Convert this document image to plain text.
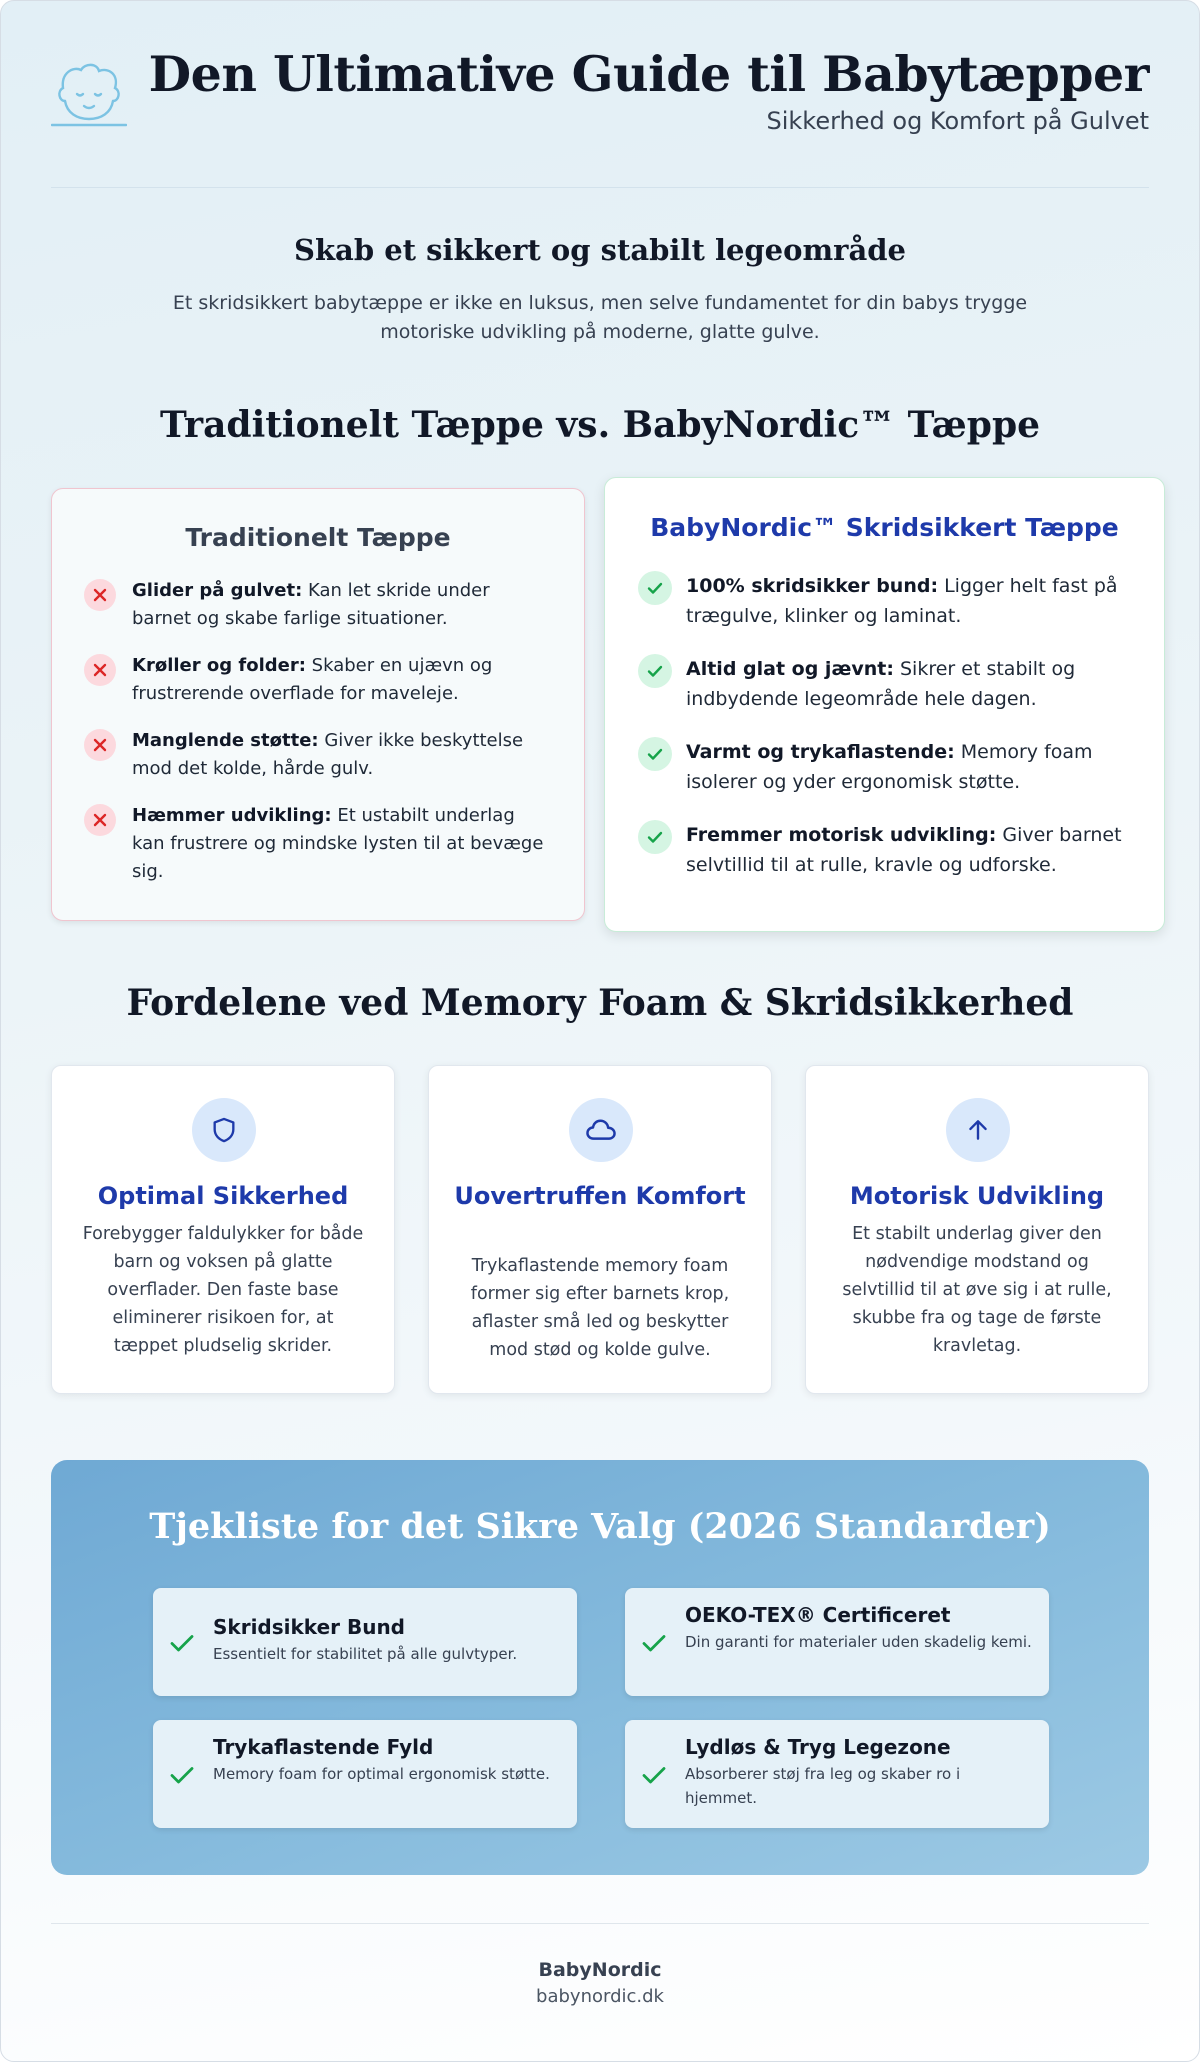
Den Ultimative Guide til Babytæpper
Sikkerhed og Komfort på Gulvet
Skab et sikkert og stabilt legeområde

Et skridsikkert babytæppe er ikke en luksus, men selve fundamentet for din babys trygge motoriske udvikling på moderne, glatte gulve.

Traditionelt Tæppe vs. BabyNordic™ Tæppe
Traditionelt Tæppe
Glider på gulvet: Kan let skride under barnet og skabe farlige situationer.
Krøller og folder: Skaber en ujævn og frustrerende overflade for maveleje.
Manglende støtte: Giver ikke beskyttelse mod det kolde, hårde gulv.
Hæmmer udvikling: Et ustabilt underlag kan frustrere og mindske lysten til at bevæge sig.
BabyNordic™ Skridsikkert Tæppe
100% skridsikker bund: Ligger helt fast på trægulve, klinker og laminat.
Altid glat og jævnt: Sikrer et stabilt og indbydende legeområde hele dagen.
Varmt og trykaflastende: Memory foam isolerer og yder ergonomisk støtte.
Fremmer motorisk udvikling: Giver barnet selvtillid til at rulle, kravle og udforske.
Fordelene ved Memory Foam & Skridsikkerhed
Optimal Sikkerhed

Forebygger faldulykker for både barn og voksen på glatte overflader. Den faste base eliminerer risikoen for, at tæppet pludselig skrider.

Uovertruffen Komfort

Trykaflastende memory foam former sig efter barnets krop, aflaster små led og beskytter mod stød og kolde gulve.

Motorisk Udvikling

Et stabilt underlag giver den nødvendige modstand og selvtillid til at øve sig i at rulle, skubbe fra og tage de første kravletag.

Tjekliste for det Sikre Valg (2026 Standarder)
Skridsikker Bund
Essentielt for stabilitet på alle gulvtyper.
OEKO-TEX® Certificeret
Din garanti for materialer uden skadelig kemi.
Trykaflastende Fyld
Memory foam for optimal ergonomisk støtte.
Lydløs & Tryg Legezone
Absorberer støj fra leg og skaber ro i hjemmet.
BabyNordic
babynordic.dk
